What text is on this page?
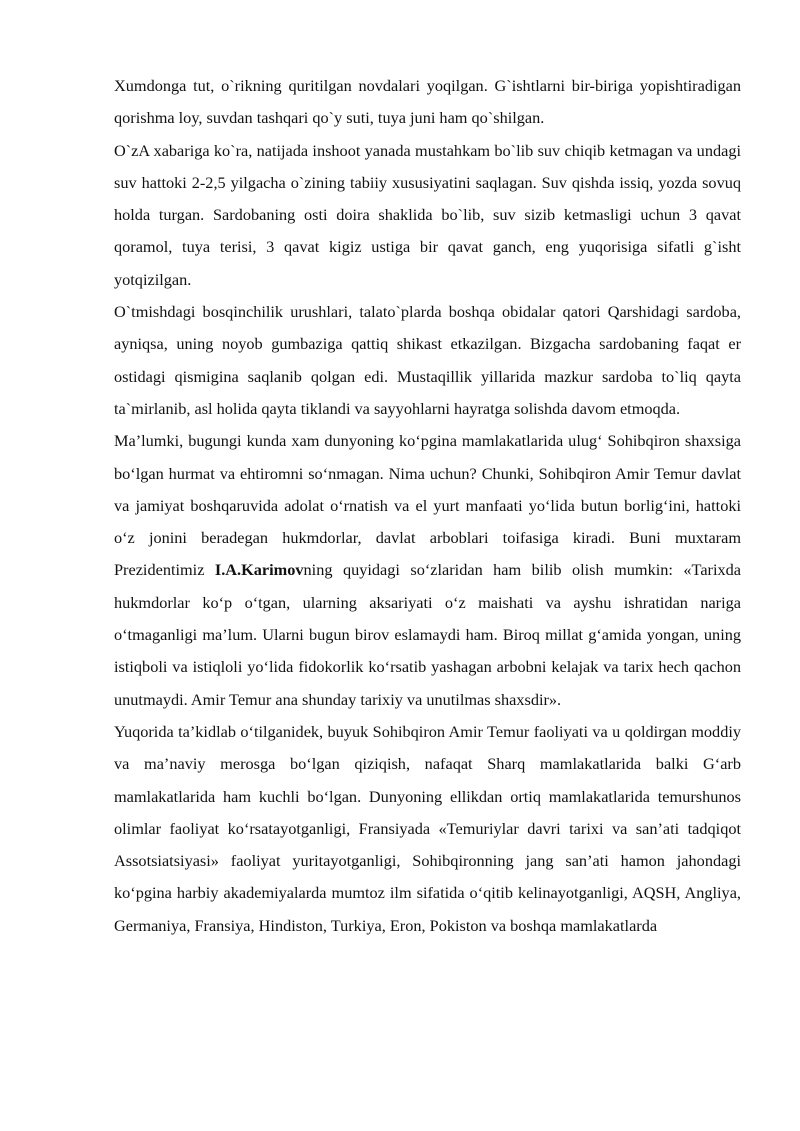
Xumdonga tut, o`rikning quritilgan novdalari yoqilgan. G`ishtlarni bir-biriga yopishtiradigan qorishma loy, suvdan tashqari qo`y suti, tuya juni ham qo`shilgan.

O`zA xabariga ko`ra, natijada inshoot yanada mustahkam bo`lib suv chiqib ketmagan va undagi suv hattoki 2-2,5 yilgacha o`zining tabiiy xususiyatini saqlagan. Suv qishda issiq, yozda sovuq holda turgan. Sardobaning osti doira shaklida bo`lib, suv sizib ketmasligi uchun 3 qavat qoramol, tuya terisi, 3 qavat kigiz ustiga bir qavat ganch, eng yuqorisiga sifatli g`isht yotqizilgan.

O`tmishdagi bosqinchilik urushlari, talato`plarda boshqa obidalar qatori Qarshidagi sardoba, ayniqsa, uning noyob gumbaziga qattiq shikast etkazilgan. Bizgacha sardobaning faqat er ostidagi qismigina saqlanib qolgan edi. Mustaqillik yillarida mazkur sardoba to`liq qayta ta`mirlanib, asl holida qayta tiklandi va sayyohlarni hayratga solishda davom etmoqda.

Ma’lumki, bugungi kunda xam dunyoning ko‘pgina mamlakatlarida ulug‘ Sohibqiron shaxsiga bo‘lgan hurmat va ehtiromni so‘nmagan. Nima uchun? Chunki, Sohibqiron Amir Temur davlat va jamiyat boshqaruvida adolat o‘rnatish va el yurt manfaati yo‘lida butun borlig‘ini, hattoki o‘z jonini beradegan hukmdorlar, davlat arboblari toifasiga kiradi. Buni muxtaram Prezidentimiz I.A.Karimovning quyidagi so‘zlaridan ham bilib olish mumkin: «Tarixda hukmdorlar ko‘p o‘tgan, ularning aksariyati o‘z maishati va ayshu ishratidan nariga o‘tmaganligi ma’lum. Ularni bugun birov eslamaydi ham. Biroq millat g‘amida yongan, uning istiqboli va istiqloli yo‘lida fidokorlik ko‘rsatib yashagan arbobni kelajak va tarix hech qachon unutmaydi. Amir Temur ana shunday tarixiy va unutilmas shaxsdir».

Yuqorida ta’kidlab o‘tilganidek, buyuk Sohibqiron Amir Temur faoliyati va u qoldirgan moddiy va ma’naviy merosga bo‘lgan qiziqish, nafaqat Sharq mamlakatlarida balki G‘arb mamlakatlarida ham kuchli bo‘lgan. Dunyoning ellikdan ortiq mamlakatlarida temurshunos olimlar faoliyat ko‘rsatayotganligi, Fransiyada «Temuriylar davri tarixi va san’ati tadqiqot Assotsiatsiyasi» faoliyat yuritayotganligi, Sohibqironning jang san’ati hamon jahondagi ko‘pgina harbiy akademiyalarda mumtoz ilm sifatida o‘qitib kelinayotganligi, AQSH, Angliya, Germaniya, Fransiya, Hindiston, Turkiya, Eron, Pokiston va boshqa mamlakatlarda
